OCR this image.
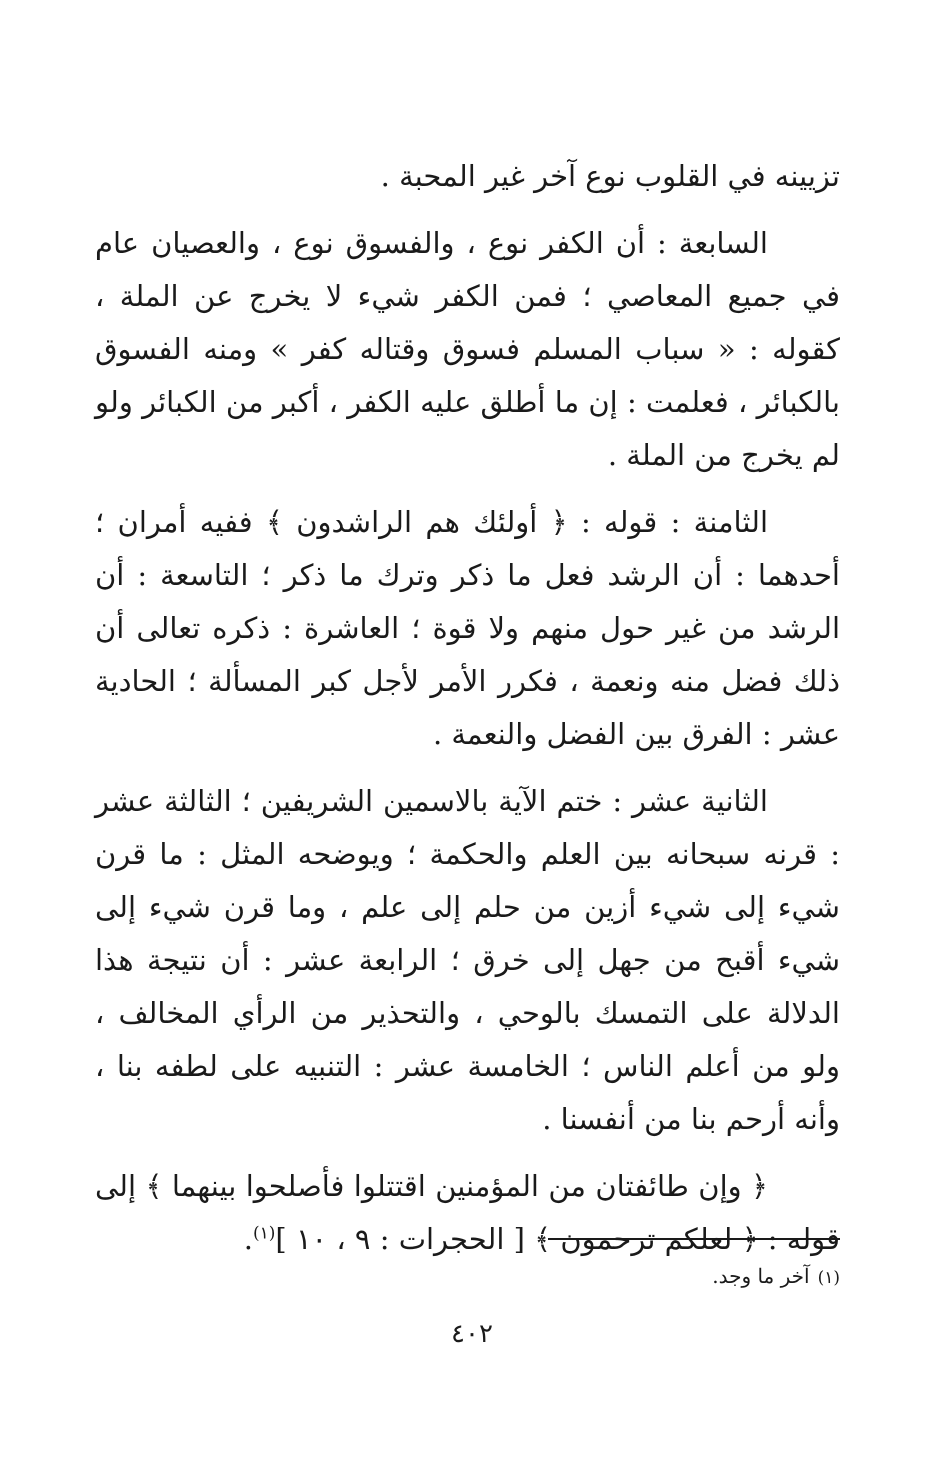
تزيينه في القلوب نوع آخر غير المحبة .

السابعة : أن الكفر نوع ، والفسوق نوع ، والعصيان عام في جميع المعاصي ؛ فمن الكفر شيء لا يخرج عن الملة ، كقوله : « سباب المسلم فسوق وقتاله كفر » ومنه الفسوق بالكبائر ، فعلمت : إن ما أطلق عليه الكفر ، أكبر من الكبائر ولو لم يخرج من الملة .

الثامنة : قوله : ﴿ أولئك هم الراشدون ﴾ ففيه أمران ؛ أحدهما : أن الرشد فعل ما ذكر وترك ما ذكر ؛ التاسعة : أن الرشد من غير حول منهم ولا قوة ؛ العاشرة : ذكره تعالى أن ذلك فضل منه ونعمة ، فكرر الأمر لأجل كبر المسألة ؛ الحادية عشر : الفرق بين الفضل والنعمة .

الثانية عشر : ختم الآية بالاسمين الشريفين ؛ الثالثة عشر : قرنه سبحانه بين العلم والحكمة ؛ ويوضحه المثل : ما قرن شيء إلى شيء أزين من حلم إلى علم ، وما قرن شيء إلى شيء أقبح من جهل إلى خرق ؛ الرابعة عشر : أن نتيجة هذا الدلالة على التمسك بالوحي ، والتحذير من الرأي المخالف ، ولو من أعلم الناس ؛ الخامسة عشر : التنبيه على لطفه بنا ، وأنه أرحم بنا من أنفسنا .

﴿ وإن طائفتان من المؤمنين اقتتلوا فأصلحوا بينهما ﴾ إلى قوله : ﴿ لعلكم ترحمون ﴾ [ الحجرات : ٩ ، ١٠ ]$^{(١)}$.

(١)آخر ما وجد.
٤٠٢
